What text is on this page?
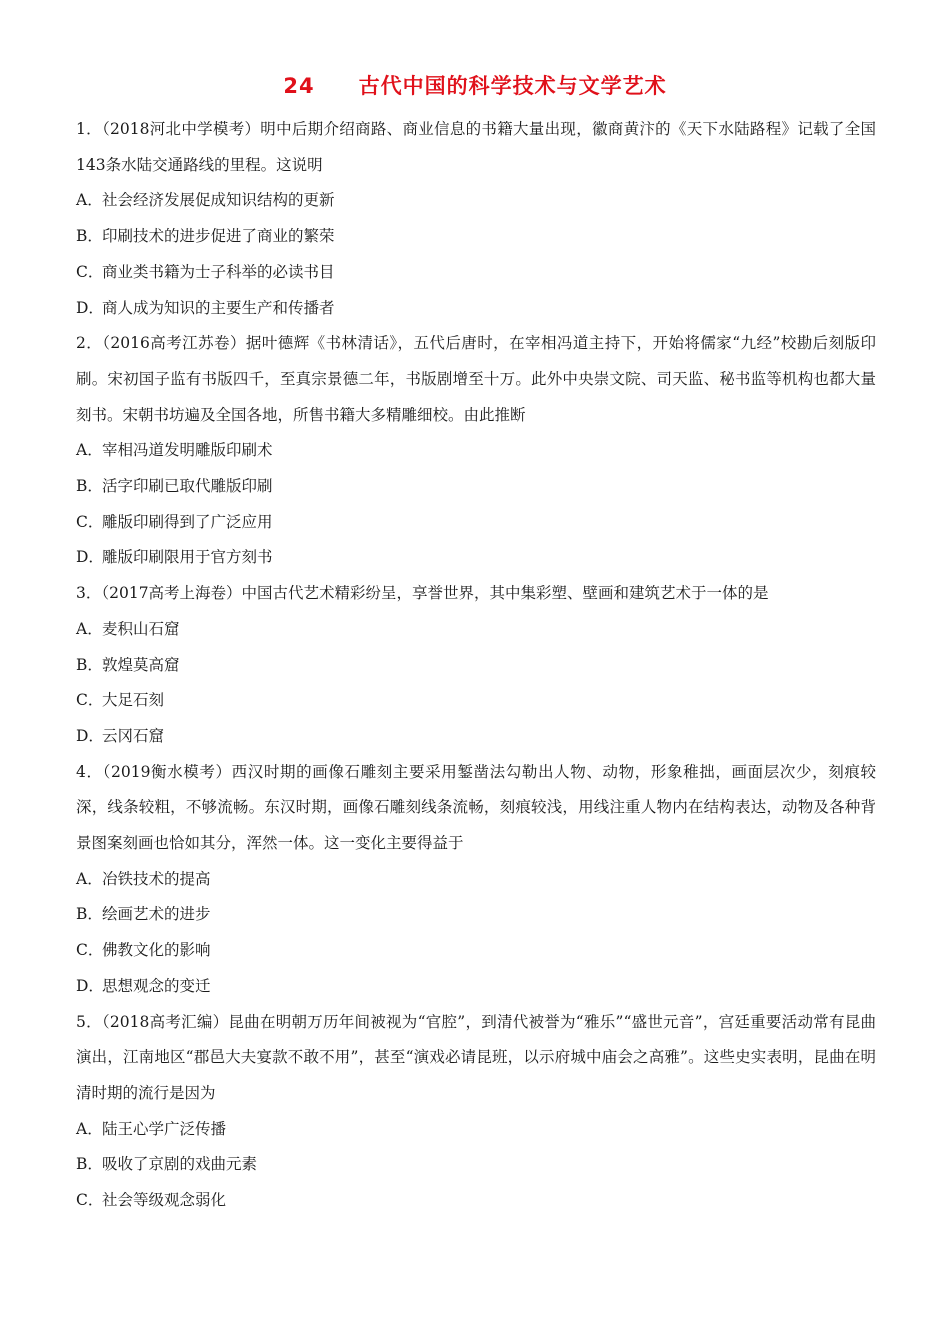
24 古代中国的科学技术与文学艺术

1．（2018河北中学模考）明中后期介绍商路、商业信息的书籍大量出现，徽商黄汴的《天下水陆路程》记载了全国143条水陆交通路线的里程。这说明

A．社会经济发展促成知识结构的更新
B．印刷技术的进步促进了商业的繁荣
C．商业类书籍为士子科举的必读书目
D．商人成为知识的主要生产和传播者

2．（2016高考江苏卷）据叶德辉《书林清话》，五代后唐时，在宰相冯道主持下，开始将儒家“九经”校勘后刻版印刷。宋初国子监有书版四千，至真宗景德二年，书版剧增至十万。此外中央崇文院、司天监、秘书监等机构也都大量刻书。宋朝书坊遍及全国各地，所售书籍大多精雕细校。由此推断

A．宰相冯道发明雕版印刷术
B．活字印刷已取代雕版印刷
C．雕版印刷得到了广泛应用
D．雕版印刷限用于官方刻书

3．（2017高考上海卷）中国古代艺术精彩纷呈，享誉世界，其中集彩塑、壁画和建筑艺术于一体的是

A．麦积山石窟
B．敦煌莫高窟
C．大足石刻
D．云冈石窟

4．（2019衡水模考）西汉时期的画像石雕刻主要采用錾凿法勾勒出人物、动物，形象稚拙，画面层次少，刻痕较深，线条较粗，不够流畅。东汉时期，画像石雕刻线条流畅，刻痕较浅，用线注重人物内在结构表达，动物及各种背景图案刻画也恰如其分，浑然一体。这一变化主要得益于

A．冶铁技术的提高
B．绘画艺术的进步
C．佛教文化的影响
D．思想观念的变迁

5．（2018高考汇编）昆曲在明朝万历年间被视为“官腔”，到清代被誉为“雅乐”“盛世元音”，宫廷重要活动常有昆曲演出，江南地区“郡邑大夫宴款不敢不用”，甚至“演戏必请昆班，以示府城中庙会之高雅”。这些史实表明，昆曲在明清时期的流行是因为

A．陆王心学广泛传播
B．吸收了京剧的戏曲元素
C．社会等级观念弱化
